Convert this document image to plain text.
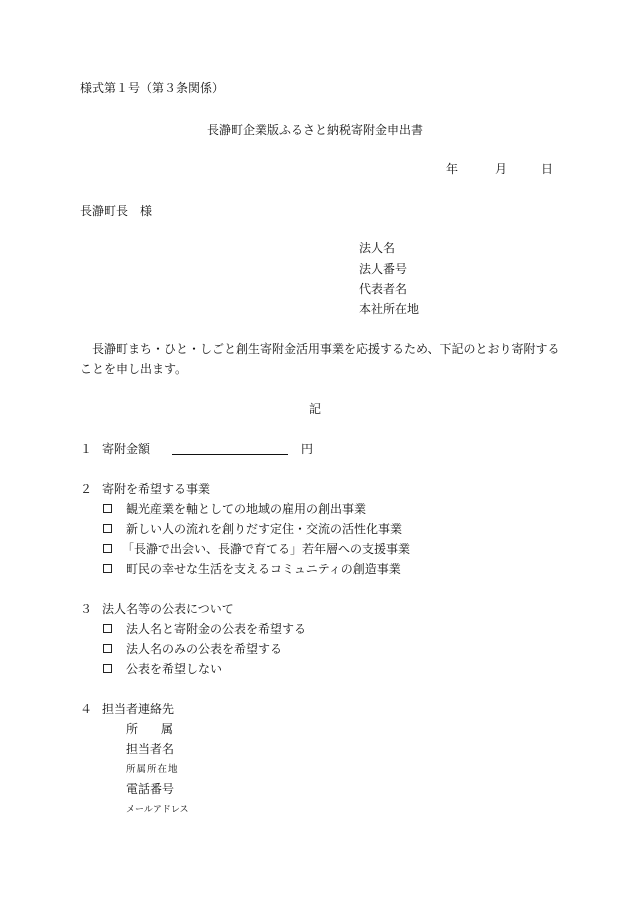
様式第１号（第３条関係）
長瀞町企業版ふるさと納税寄附金申出書
年	月	日
長瀞町長　様
法人名
法人番号
代表者名
本社所在地
長瀞町まち・ひと・しごと創生寄附金活用事業を応援するため、下記のとおり寄附する
ことを申し出ます。
記
１ 寄附金額	円
２ 寄附を希望する事業
観光産業を軸としての地域の雇用の創出事業
新しい人の流れを創りだす定住・交流の活性化事業
「長瀞で出会い、長瀞で育てる」若年層への支援事業
町民の幸せな生活を支えるコミュニティの創造事業
３ 法人名等の公表について
法人名と寄附金の公表を希望する
法人名のみの公表を希望する
公表を希望しない
４ 担当者連絡先
所 属
担当者名
所属所在地
電話番号
メールアドレス
